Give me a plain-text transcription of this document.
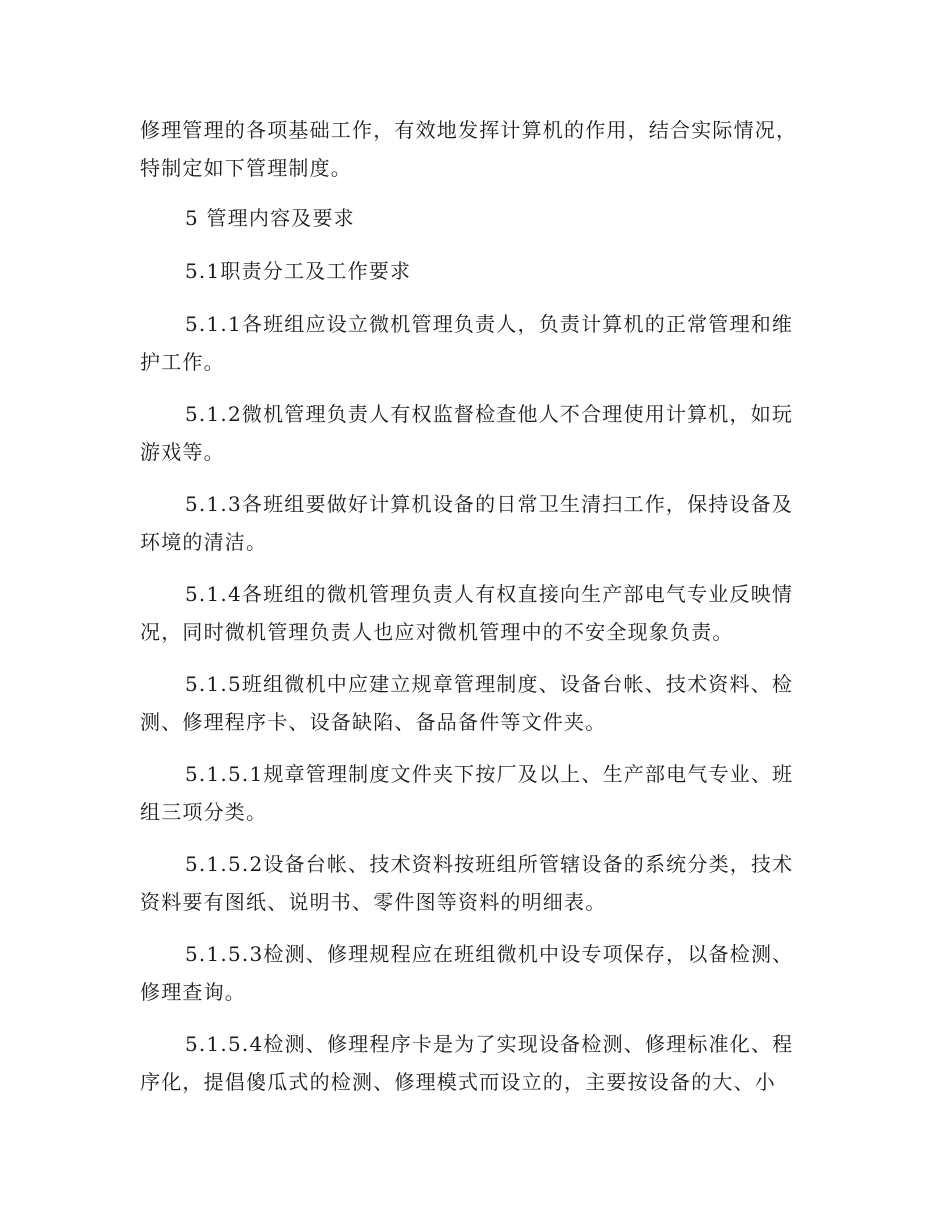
修理管理的各项基础工作，有效地发挥计算机的作用，结合实际情况，特制定如下管理制度。

5 管理内容及要求

5.1职责分工及工作要求

5.1.1各班组应设立微机管理负责人，负责计算机的正常管理和维护工作。

5.1.2微机管理负责人有权监督检查他人不合理使用计算机，如玩游戏等。

5.1.3各班组要做好计算机设备的日常卫生清扫工作，保持设备及环境的清洁。

5.1.4各班组的微机管理负责人有权直接向生产部电气专业反映情况，同时微机管理负责人也应对微机管理中的不安全现象负责。

5.1.5班组微机中应建立规章管理制度、设备台帐、技术资料、检测、修理程序卡、设备缺陷、备品备件等文件夹。

5.1.5.1规章管理制度文件夹下按厂及以上、生产部电气专业、班组三项分类。

5.1.5.2设备台帐、技术资料按班组所管辖设备的系统分类，技术资料要有图纸、说明书、零件图等资料的明细表。

5.1.5.3检测、修理规程应在班组微机中设专项保存，以备检测、修理查询。

5.1.5.4检测、修理程序卡是为了实现设备检测、修理标准化、程序化，提倡傻瓜式的检测、修理模式而设立的，主要按设备的大、小
